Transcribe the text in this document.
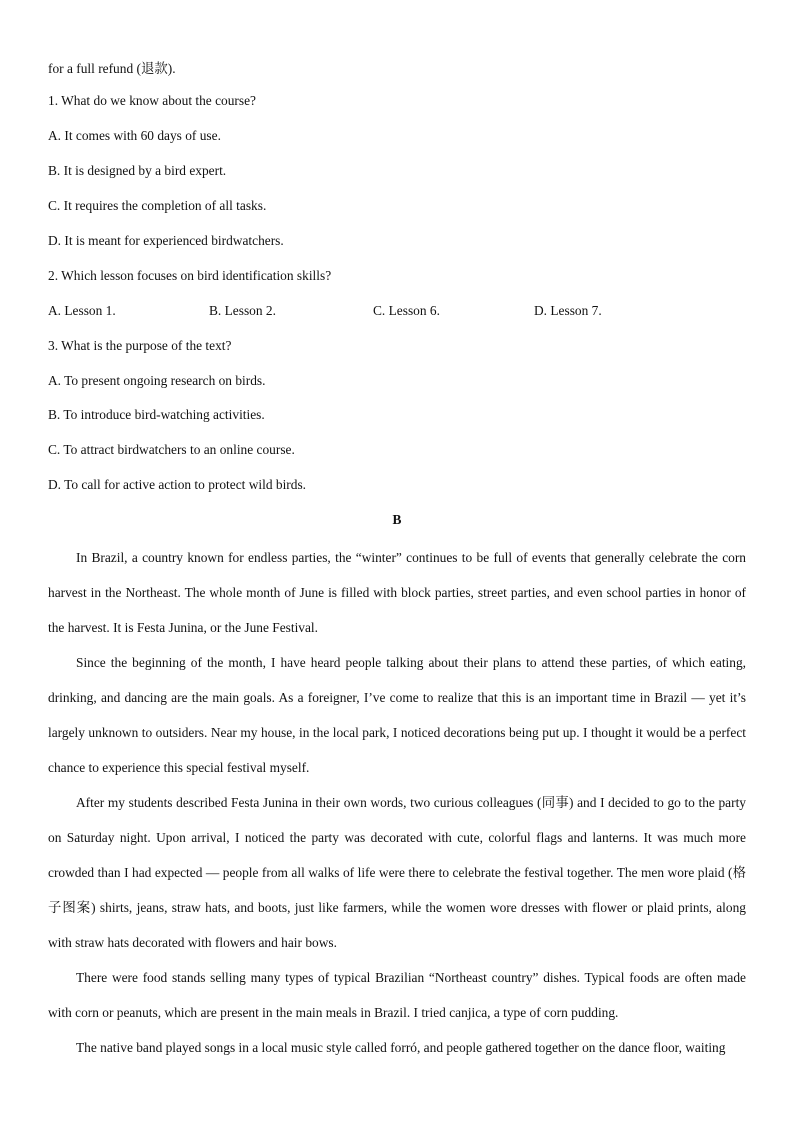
for a full refund (退款).
1. What do we know about the course?
A. It comes with 60 days of use.
B. It is designed by a bird expert.
C. It requires the completion of all tasks.
D. It is meant for experienced birdwatchers.
2. Which lesson focuses on bird identification skills?
A. Lesson 1.	B. Lesson 2.	C. Lesson 6.	D. Lesson 7.
3. What is the purpose of the text?
A. To present ongoing research on birds.
B. To introduce bird-watching activities.
C. To attract birdwatchers to an online course.
D. To call for active action to protect wild birds.
B

In Brazil, a country known for endless parties, the “winter” continues to be full of events that generally celebrate the corn harvest in the Northeast. The whole month of June is filled with block parties, street parties, and even school parties in honor of the harvest. It is Festa Junina, or the June Festival.

Since the beginning of the month, I have heard people talking about their plans to attend these parties, of which eating, drinking, and dancing are the main goals. As a foreigner, I’ve come to realize that this is an important time in Brazil — yet it’s largely unknown to outsiders. Near my house, in the local park, I noticed decorations being put up. I thought it would be a perfect chance to experience this special festival myself.

After my students described Festa Junina in their own words, two curious colleagues (同事) and I decided to go to the party on Saturday night. Upon arrival, I noticed the party was decorated with cute, colorful flags and lanterns. It was much more crowded than I had expected — people from all walks of life were there to celebrate the festival together. The men wore plaid (格子图案) shirts, jeans, straw hats, and boots, just like farmers, while the women wore dresses with flower or plaid prints, along with straw hats decorated with flowers and hair bows.

There were food stands selling many types of typical Brazilian “Northeast country” dishes. Typical foods are often made with corn or peanuts, which are present in the main meals in Brazil. I tried canjica, a type of corn pudding.

The native band played songs in a local music style called forró, and people gathered together on the dance floor, waiting
